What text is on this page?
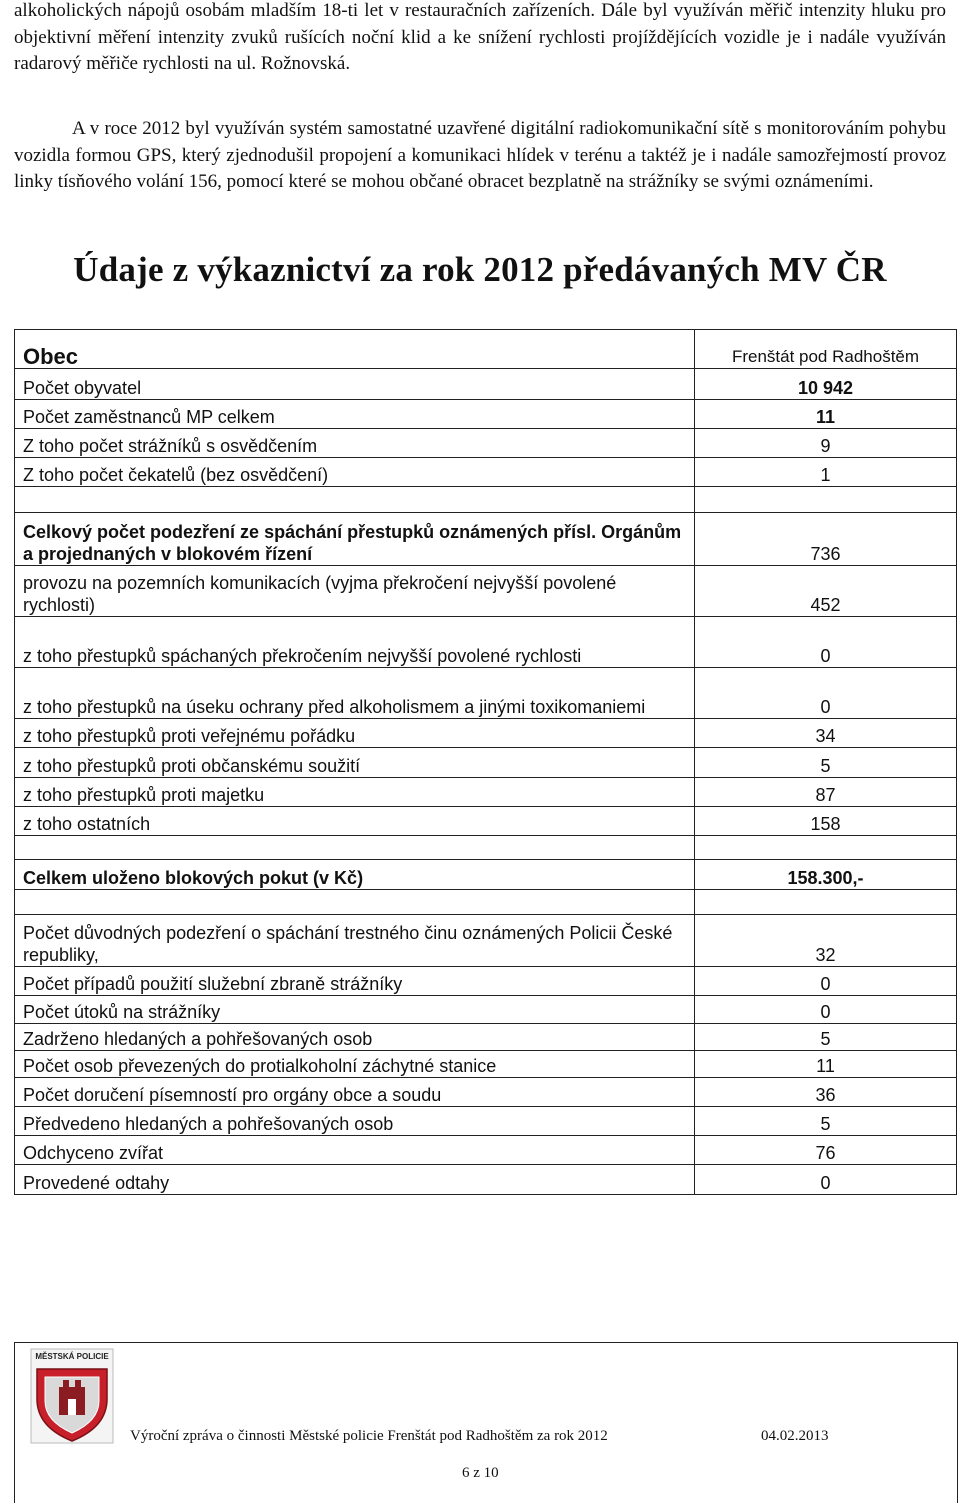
alkoholických nápojů osobám mladším 18-ti let v restauračních zařízeních. Dále byl využíván měřič intenzity hluku pro objektivní měření intenzity zvuků rušících noční klid a ke snížení rychlosti projíždějících vozidle je i nadále využíván radarový měřiče rychlosti na ul. Rožnovská.
A v roce 2012 byl využíván systém samostatné uzavřené digitální radiokomunikační sítě s monitorováním pohybu vozidla formou GPS, který zjednodušil propojení a komunikaci hlídek v terénu a taktéž je i nadále samozřejmostí provoz linky tísňového volání 156, pomocí které se mohou občané obracet bezplatně na strážníky se svými oznámeními.
Údaje z výkaznictví za rok 2012 předávaných MV ČR
Obec	Frenštát pod Radhoštěm
Počet obyvatel	10 942
Počet zaměstnanců MP celkem	11
Z toho počet strážníků s osvědčením	9
Z toho počet čekatelů (bez osvědčení)	1

Celkový počet podezření ze spáchání přestupků oznámených přísl. Orgánům a projednaných v blokovém řízení	736
provozu na pozemních komunikacích (vyjma překročení nejvyšší povolené rychlosti)	452
z toho přestupků spáchaných překročením nejvyšší povolené rychlosti	0
z toho přestupků na úseku ochrany před alkoholismem a jinými toxikomaniemi	0
z toho přestupků proti veřejnému pořádku	34
z toho přestupků proti občanskému soužití	5
z toho přestupků proti majetku	87
z toho ostatních	158

Celkem uloženo blokových pokut (v Kč)	158.300,-

Počet důvodných podezření o spáchání trestného činu oznámených Policii České republiky,	32
Počet případů použití služební zbraně strážníky	0
Počet útoků na strážníky	0
Zadrženo hledaných a pohřešovaných osob	5
Počet osob převezených do protialkoholní záchytné stanice	11
Počet doručení písemností pro orgány obce a soudu	36
Předvedeno hledaných a pohřešovaných osob	5
Odchyceno zvířat	76
Provedené odtahy	0
MĚSTSKÁ POLICIE
Výroční zpráva o činnosti Městské policie Frenštát pod Radhoštěm za rok 2012	04.02.2013
6 z 10
